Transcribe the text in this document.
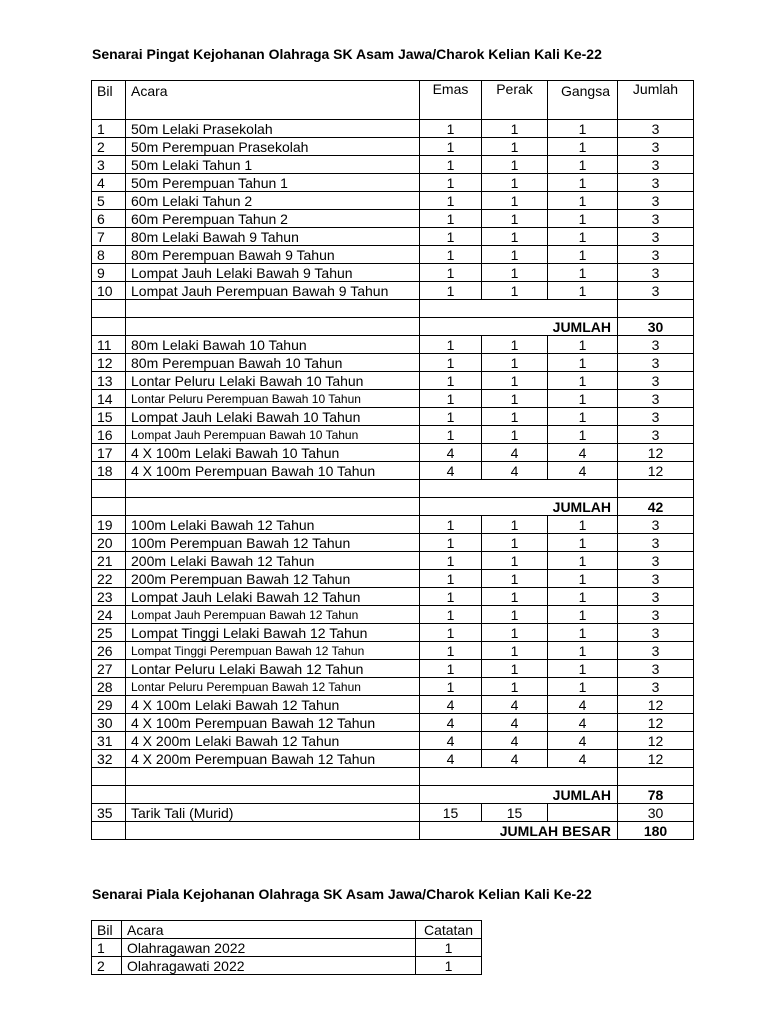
Senarai Pingat Kejohanan Olahraga SK Asam Jawa/Charok Kelian Kali Ke-22
Bil	Acara	Emas	Perak	Gangsa	Jumlah
1	50m Lelaki Prasekolah	1	1	1	3
2	50m Perempuan Prasekolah	1	1	1	3
3	50m Lelaki Tahun 1	1	1	1	3
4	50m Perempuan Tahun 1	1	1	1	3
5	60m Lelaki Tahun 2	1	1	1	3
6	60m Perempuan Tahun 2	1	1	1	3
7	80m Lelaki Bawah 9 Tahun	1	1	1	3
8	80m Perempuan Bawah 9 Tahun	1	1	1	3
9	Lompat Jauh Lelaki Bawah 9 Tahun	1	1	1	3
10	Lompat Jauh Perempuan Bawah 9 Tahun	1	1	1	3

		JUMLAH			30
11	80m Lelaki Bawah 10 Tahun	1	1	1	3
12	80m Perempuan Bawah 10 Tahun	1	1	1	3
13	Lontar Peluru Lelaki Bawah 10 Tahun	1	1	1	3
14	Lontar Peluru Perempuan Bawah 10 Tahun	1	1	1	3
15	Lompat Jauh Lelaki Bawah 10 Tahun	1	1	1	3
16	Lompat Jauh Perempuan Bawah 10 Tahun	1	1	1	3
17	4 X 100m Lelaki Bawah 10 Tahun	4	4	4	12
18	4 X 100m Perempuan Bawah 10 Tahun	4	4	4	12

		JUMLAH			42
19	100m Lelaki Bawah 12 Tahun	1	1	1	3
20	100m Perempuan Bawah 12 Tahun	1	1	1	3
21	200m Lelaki Bawah 12 Tahun	1	1	1	3
22	200m Perempuan Bawah 12 Tahun	1	1	1	3
23	Lompat Jauh Lelaki Bawah 12 Tahun	1	1	1	3
24	Lompat Jauh Perempuan Bawah 12 Tahun	1	1	1	3
25	Lompat Tinggi Lelaki Bawah 12 Tahun	1	1	1	3
26	Lompat Tinggi Perempuan Bawah 12 Tahun	1	1	1	3
27	Lontar Peluru Lelaki Bawah 12 Tahun	1	1	1	3
28	Lontar Peluru Perempuan Bawah 12 Tahun	1	1	1	3
29	4 X 100m Lelaki Bawah 12 Tahun	4	4	4	12
30	4 X 100m Perempuan Bawah 12 Tahun	4	4	4	12
31	4 X 200m Lelaki Bawah 12 Tahun	4	4	4	12
32	4 X 200m Perempuan Bawah 12 Tahun	4	4	4	12

		JUMLAH			78
35	Tarik Tali (Murid)	15	15		30
		JUMLAH BESAR			180
Senarai Piala Kejohanan Olahraga SK Asam Jawa/Charok Kelian Kali Ke-22
Bil	Acara	Catatan
1	Olahragawan 2022	1
2	Olahragawati 2022	1
